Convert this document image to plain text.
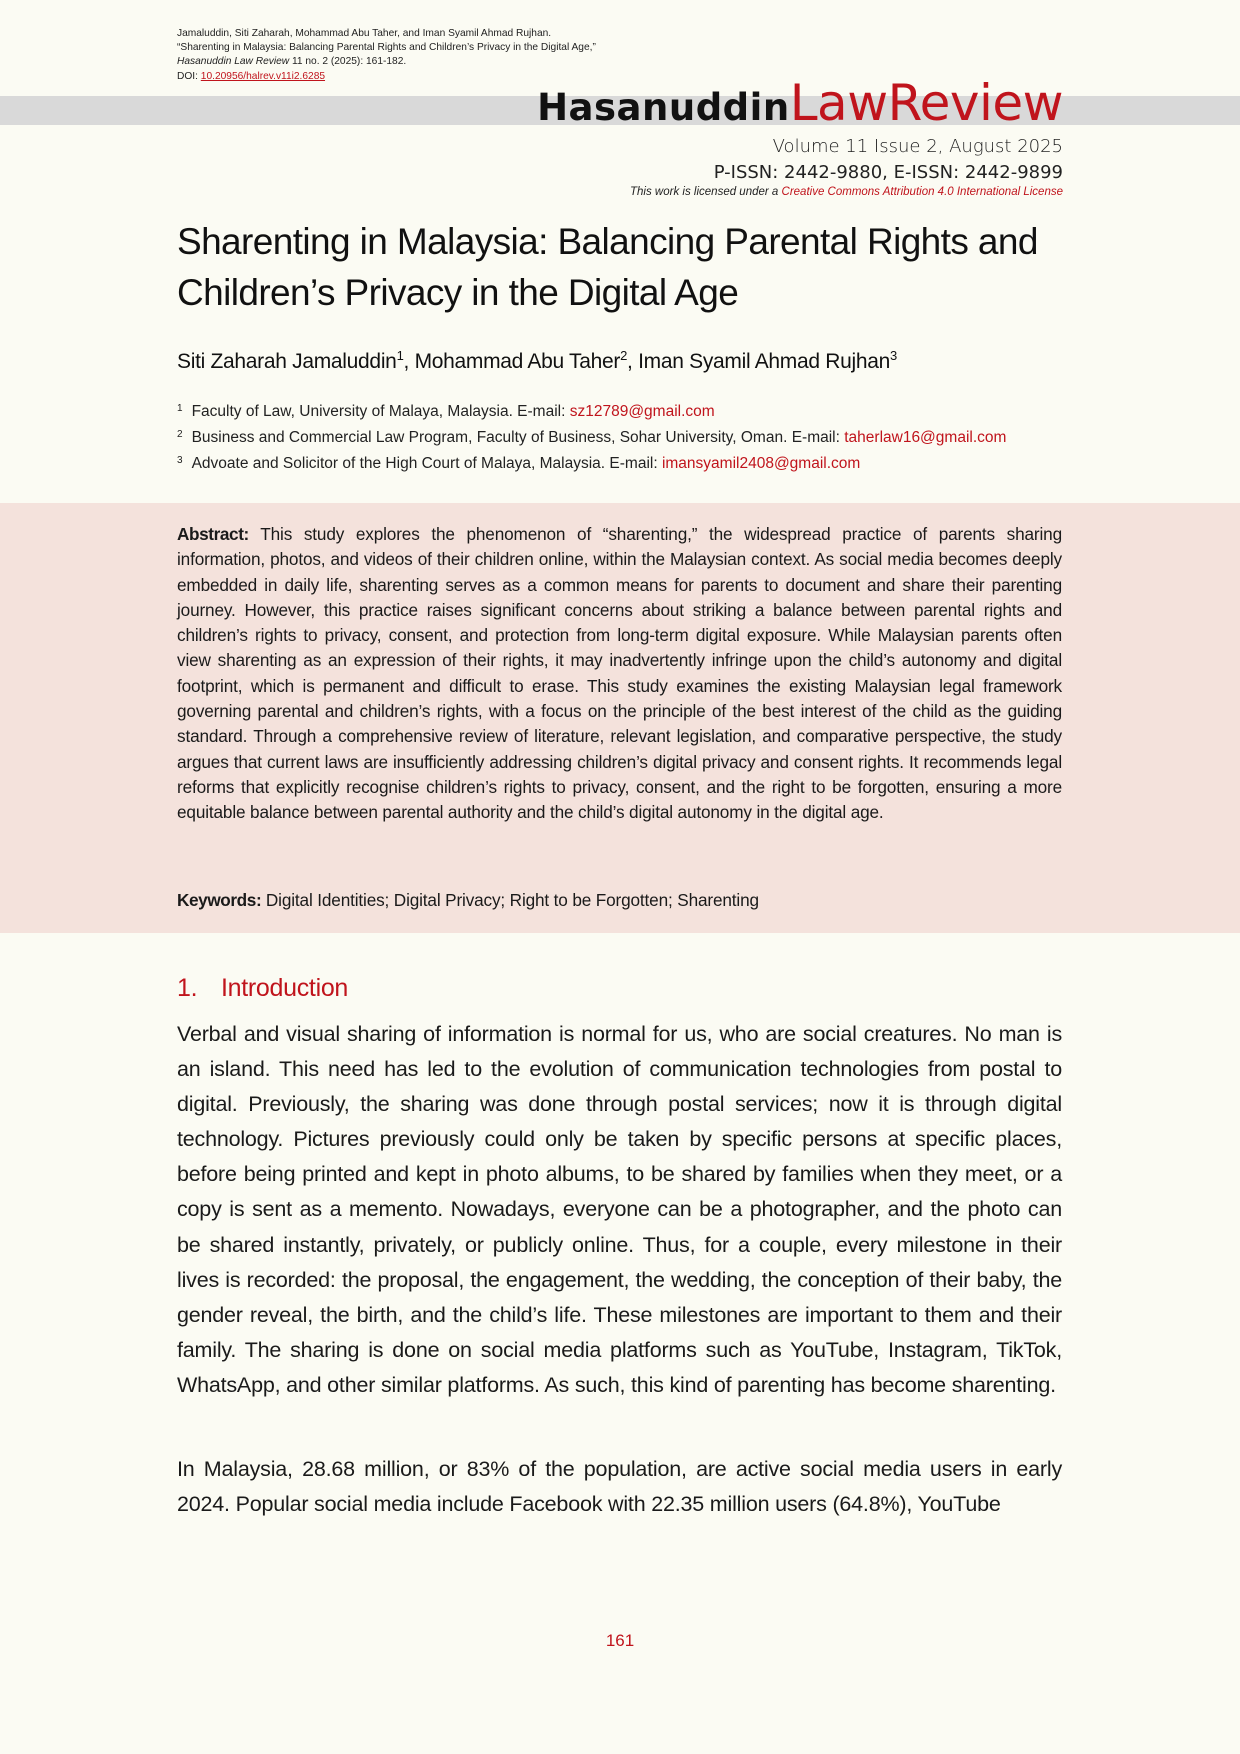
Jamaluddin, Siti Zaharah, Mohammad Abu Taher, and Iman Syamil Ahmad Rujhan. “Sharenting in Malaysia: Balancing Parental Rights and Children’s Privacy in the Digital Age,” Hasanuddin Law Review 11 no. 2 (2025): 161-182.
DOI: 10.20956/halrev.v11i2.6285
HasanuddinLawReview
Volume 11 Issue 2, August 2025
P-ISSN: 2442-9880, E-ISSN: 2442-9899
This work is licensed under a Creative Commons Attribution 4.0 International License
Sharenting in Malaysia: Balancing Parental Rights and Children’s Privacy in the Digital Age
Siti Zaharah Jamaluddin$^1$, Mohammad Abu Taher$^2$, Iman Syamil Ahmad Rujhan$^3$
$^1$ Faculty of Law, University of Malaya, Malaysia. E-mail: sz12789@gmail.com
$^2$ Business and Commercial Law Program, Faculty of Business, Sohar University, Oman. E-mail: taherlaw16@gmail.com
$^3$ Advoate and Solicitor of the High Court of Malaya, Malaysia. E-mail: imansyamil2408@gmail.com
Abstract: This study explores the phenomenon of “sharenting,” the widespread practice of parents sharing information, photos, and videos of their children online, within the Malaysian context. As social media becomes deeply embedded in daily life, sharenting serves as a common means for parents to document and share their parenting journey. However, this practice raises significant concerns about striking a balance between parental rights and children’s rights to privacy, consent, and protection from long-term digital exposure. While Malaysian parents often view sharenting as an expression of their rights, it may inadvertently infringe upon the child’s autonomy and digital footprint, which is permanent and difficult to erase. This study examines the existing Malaysian legal framework governing parental and children’s rights, with a focus on the principle of the best interest of the child as the guiding standard. Through a comprehensive review of literature, relevant legislation, and comparative perspective, the study argues that current laws are insufficiently addressing children’s digital privacy and consent rights. It recommends legal reforms that explicitly recognise children’s rights to privacy, consent, and the right to be forgotten, ensuring a more equitable balance between parental authority and the child’s digital autonomy in the digital age.
Keywords: Digital Identities; Digital Privacy; Right to be Forgotten; Sharenting
1. Introduction
Verbal and visual sharing of information is normal for us, who are social creatures. No man is an island. This need has led to the evolution of communication technologies from postal to digital. Previously, the sharing was done through postal services; now it is through digital technology. Pictures previously could only be taken by specific persons at specific places, before being printed and kept in photo albums, to be shared by families when they meet, or a copy is sent as a memento. Nowadays, everyone can be a photographer, and the photo can be shared instantly, privately, or publicly online. Thus, for a couple, every milestone in their lives is recorded: the proposal, the engagement, the wedding, the conception of their baby, the gender reveal, the birth, and the child’s life. These milestones are important to them and their family. The sharing is done on social media platforms such as YouTube, Instagram, TikTok, WhatsApp, and other similar platforms. As such, this kind of parenting has become sharenting.
In Malaysia, 28.68 million, or 83% of the population, are active social media users in early 2024. Popular social media include Facebook with 22.35 million users (64.8%), YouTube
161
